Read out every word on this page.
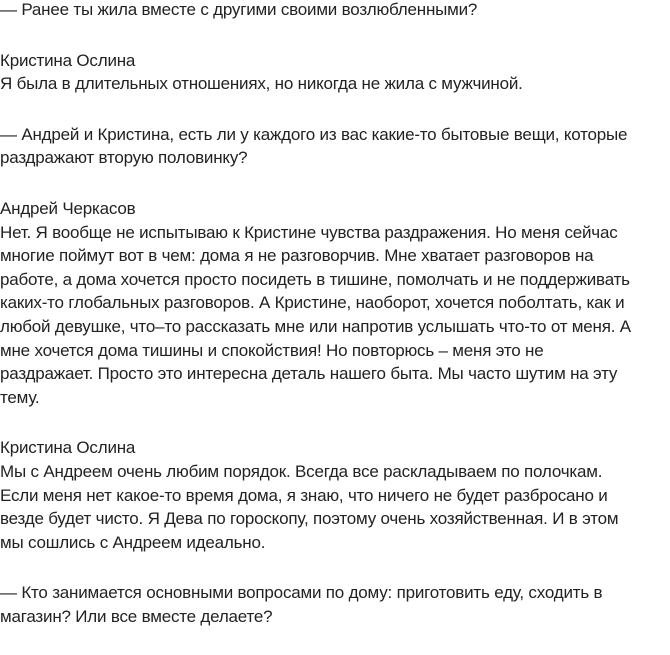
— Ранее ты жила вместе с другими своими возлюбленными?

Кристина Ослина
Я была в длительных отношениях, но никогда не жила с мужчиной.

— Андрей и Кристина, есть ли у каждого из вас какие-то бытовые вещи, которые
раздражают вторую половинку?

Андрей Черкасов
Нет. Я вообще не испытываю к Кристине чувства раздражения. Но меня сейчас
многие поймут вот в чем: дома я не разговорчив. Мне хватает разговоров на
работе, а дома хочется просто посидеть в тишине, помолчать и не поддерживать
каких-то глобальных разговоров. А Кристине, наоборот, хочется поболтать, как и
любой девушке, что–то рассказать мне или напротив услышать что-то от меня. А
мне хочется дома тишины и спокойствия! Но повторюсь – меня это не
раздражает. Просто это интересна деталь нашего быта. Мы часто шутим на эту
тему.

Кристина Ослина
Мы с Андреем очень любим порядок. Всегда все раскладываем по полочкам.
Если меня нет какое-то время дома, я знаю, что ничего не будет разбросано и
везде будет чисто. Я Дева по гороскопу, поэтому очень хозяйственная. И в этом
мы сошлись с Андреем идеально.

— Кто занимается основными вопросами по дому: приготовить еду, сходить в
магазин? Или все вместе делаете?
